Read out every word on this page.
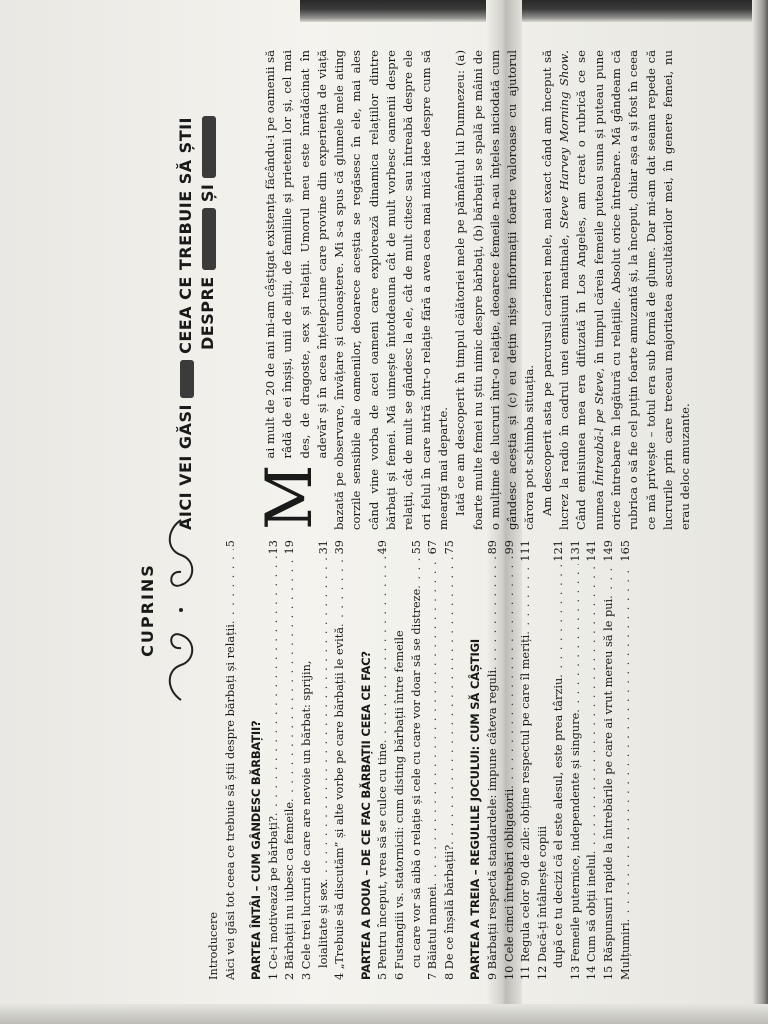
CUPRINS
Introducere Aici vei găsi tot ceea ce trebuie să știi despre bărbați și relații
. . .
5
PARTEA ÎNTÂI – CUM GÂNDESC BĂRBAȚII? 1 Ce-i motivează pe bărbați?
. . .
13
2 Bărbații nu iubesc ca femeile
. . .
19
3 Cele trei lucruri de care are nevoie un bărbat: sprijin, loialitate și sex
. . .
31
4 „Trebuie să discutăm” și alte vorbe pe care bărbații le evită
. . .
39
PARTEA A DOUA – DE CE FAC BĂRBAȚII CEEA CE FAC? 5 Pentru început, vrea să se culce cu tine
. . .
49
6 Fustangiii vs. statornicii: cum disting bărbații între femeile cu care vor să aibă o relație și cele cu care vor doar să se distreze
. . .
55
7 Băiatul mamei
. . .
67
8 De ce înșală bărbații?
. . .
75
PARTEA A TREIA – REGULILE JOCULUI: CUM SĂ CÂȘTIGI 9 Bărbații respectă standardele: impune câteva reguli
. . .
89
10 Cele cinci întrebări obligatorii
. . .
99
11 Regula celor 90 de zile: obține respectul pe care îl meriți
. . .
111
12 Dacă-ți întâlnește copiii după ce tu decizi că el este alesul, este prea târziu
. . .
121
13 Femeile puternice, independente și singure
. . .
131
14 Cum să obții inelul
. . .
141
15 Răspunsuri rapide la întrebările pe care ai vrut mereu să le pui
. . .
149
Mulțumiri
. . .
165
AICI VEI GĂSI  CEEA CE TREBUIE SĂ ȘTII DESPRE  ȘI

M
ai mult de 20 de ani mi-am câștigat existența făcându-i pe oamenii să râdă de ei înșiși, unii de alții, de familiile și prietenii lor și, cel mai des, de dragoste, sex și relații. Umorul meu este înrădăcinat în adevăr și în acea înțelepciune care provine din experiența de viață bazată pe observare, învățare și cunoaștere. Mi s-a spus că glumele mele ating corzile sensibile ale oamenilor, deoarece aceștia se regăsesc în ele, mai ales când vine vorba de acei oameni care explorează dinamica relațiilor dintre bărbați și femei. Mă uimește întotdeauna cât de mult vorbesc oamenii despre relații, cât de mult se gândesc la ele, cât de mult citesc sau întreabă despre ele ori felul în care intră într-o relație fără a avea cea mai mică idee despre cum să meargă mai departe. Iată ce am descoperit în timpul călătoriei mele pe pământul lui Dumnezeu: (a) foarte multe femei nu știu nimic despre bărbați, (b) bărbații se spală pe mâini de o mulțime de lucruri într-o relație, deoarece femeile n-au înțeles niciodată cum gândesc aceștia și (c) eu dețin niște informații foarte valoroase cu ajutorul cărora pot schimba situația. Am descoperit asta pe parcursul carierei mele, mai exact când am început să lucrez la radio în cadrul unei emisiuni matinale, Steve Harvey Morning Show. Când emisiunea mea era difuzată în Los Angeles, am creat o rubrică ce se numea Întreabă-l pe Steve, în timpul căreia femeile puteau suna și puteau pune orice întrebare în legătură cu relațiile. Absolut orice întrebare. Mă gândeam că rubrica o să fie cel puțin foarte amuzantă și, la început, chiar așa a și fost în ceea ce mă privește – totul era sub formă de glume. Dar mi-am dat seama repede că lucrurile prin care treceau majoritatea ascultătorilor mei, în genere femei, nu erau deloc amuzante.
